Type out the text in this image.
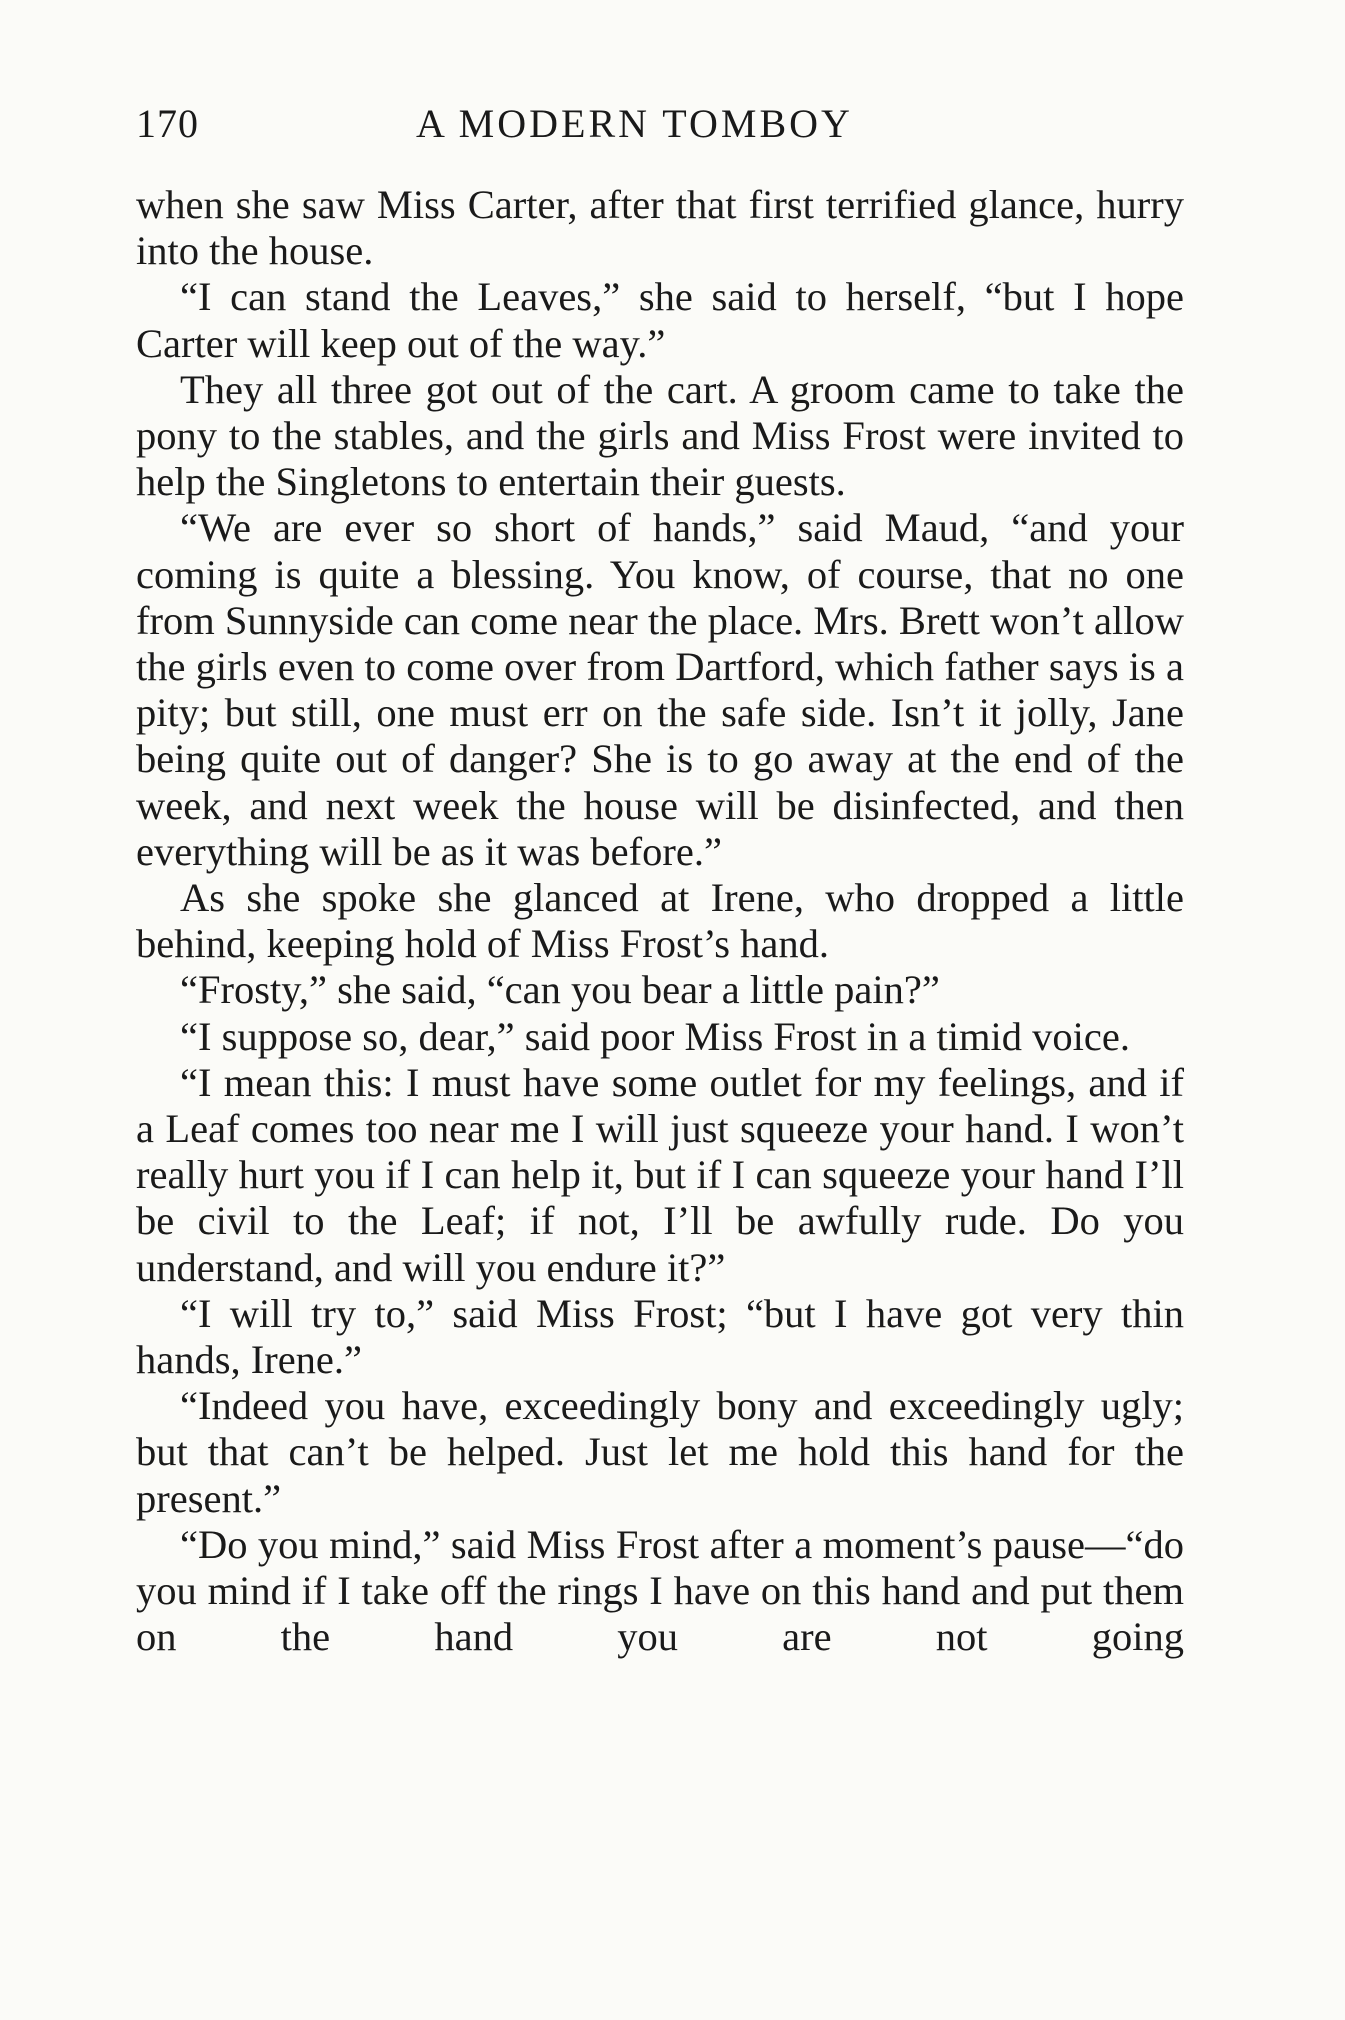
170	A MODERN TOMBOY

when she saw Miss Carter, after that first terrified glance, hurry into the house.

“I can stand the Leaves,” she said to herself, “but I hope Carter will keep out of the way.”

They all three got out of the cart. A groom came to take the pony to the stables, and the girls and Miss Frost were invited to help the Singletons to entertain their guests.

“We are ever so short of hands,” said Maud, “and your coming is quite a blessing. You know, of course, that no one from Sunnyside can come near the place. Mrs. Brett won’t allow the girls even to come over from Dartford, which father says is a pity; but still, one must err on the safe side. Isn’t it jolly, Jane being quite out of danger? She is to go away at the end of the week, and next week the house will be disinfected, and then everything will be as it was before.”

As she spoke she glanced at Irene, who dropped a little behind, keeping hold of Miss Frost’s hand.

“Frosty,” she said, “can you bear a little pain?”

“I suppose so, dear,” said poor Miss Frost in a timid voice.

“I mean this: I must have some outlet for my feelings, and if a Leaf comes too near me I will just squeeze your hand. I won’t really hurt you if I can help it, but if I can squeeze your hand I’ll be civil to the Leaf; if not, I’ll be awfully rude. Do you understand, and will you endure it?”

“I will try to,” said Miss Frost; “but I have got very thin hands, Irene.”

“Indeed you have, exceedingly bony and exceedingly ugly; but that can’t be helped. Just let me hold this hand for the present.”

“Do you mind,” said Miss Frost after a moment’s pause—“do you mind if I take off the rings I have on this hand and put them on the hand you are not going
